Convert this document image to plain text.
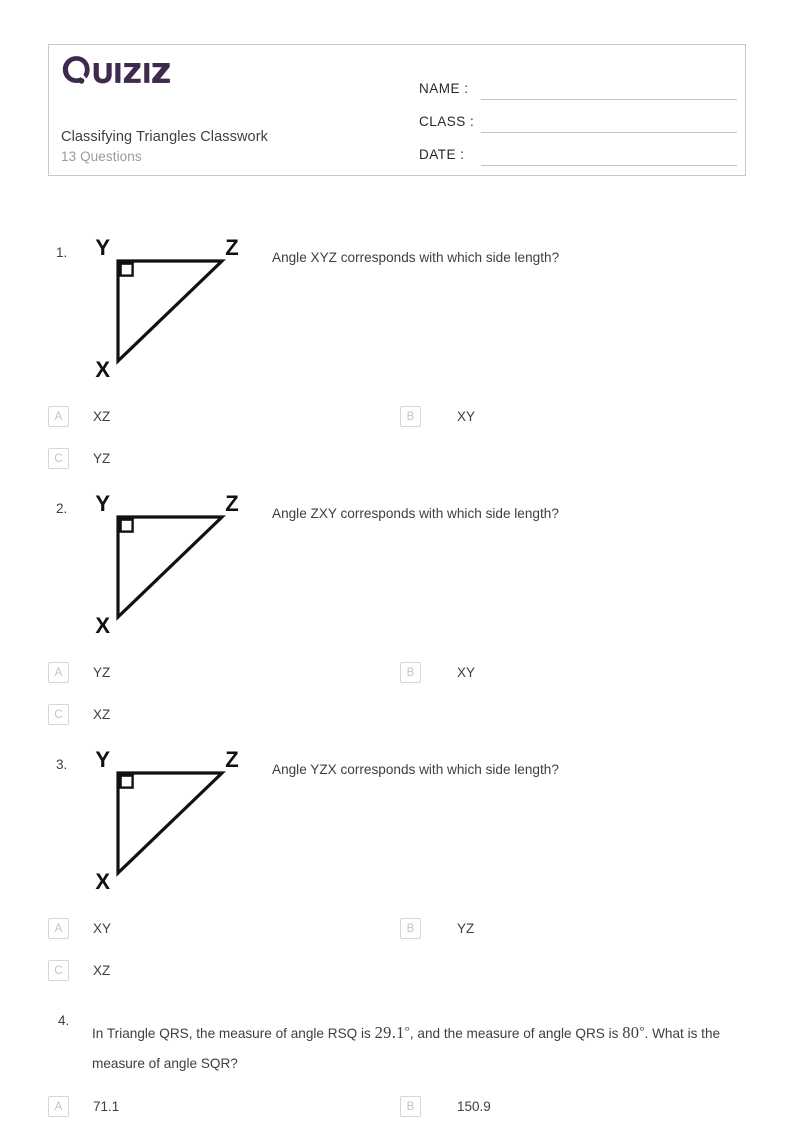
Classifying Triangles Classwork
13 Questions
NAME :
CLASS :
DATE :
1.	Y	Z
X
Angle XYZ corresponds with which side length?
A	XZ	B	XY
C	YZ
2.	Y	Z
X
Angle ZXY corresponds with which side length?
A	YZ	B	XY
C	XZ
3.	Y	Z
X
Angle YZX corresponds with which side length?
A	XY	B	YZ
C	XZ
4.
In Triangle QRS, the measure of angle RSQ is 29.1°, and the measure of angle QRS is 80°. What is the measure of angle SQR?
A	71.1	B	150.9
